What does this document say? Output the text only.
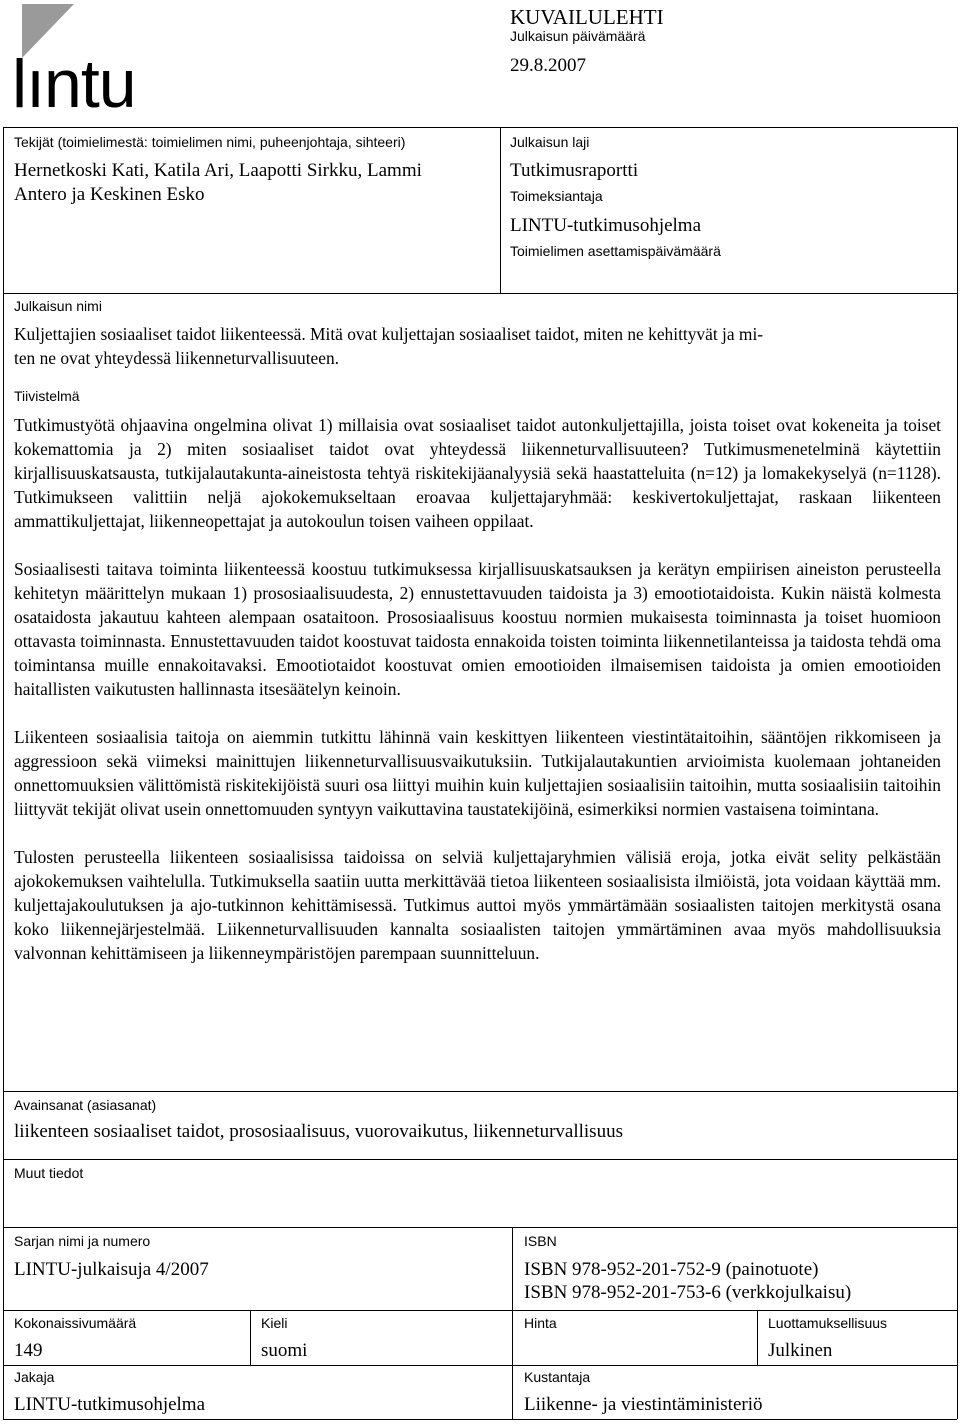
lıntu
KUVAILULEHTI
Julkaisun päivämäärä
29.8.2007
Tekijät (toimielimestä: toimielimen nimi, puheenjohtaja, sihteeri)
Hernetkoski Kati, Katila Ari, Laapotti Sirkku, Lammi
Antero ja Keskinen Esko
Julkaisun laji
Tutkimusraportti
Toimeksiantaja
LINTU-tutkimusohjelma
Toimielimen asettamispäivämäärä
Julkaisun nimi
Kuljettajien sosiaaliset taidot liikenteessä. Mitä ovat kuljettajan sosiaaliset taidot, miten ne kehittyvät ja mi-
ten ne ovat yhteydessä liikenneturvallisuuteen.
Tiivistelmä

Tutkimustyötä ohjaavina ongelmina olivat 1) millaisia ovat sosiaaliset taidot autonkuljettajilla, joista toiset ovat kokeneita ja toiset kokemattomia ja 2) miten sosiaaliset taidot ovat yhteydessä liikenneturvallisuuteen? Tutkimusmenetelminä käytettiin kirjallisuuskatsausta, tutkijalautakunta-aineistosta tehtyä riskitekijäanalyysiä sekä haastatteluita (n=12) ja lomakekyselyä (n=1128). Tutkimukseen valittiin neljä ajokokemukseltaan eroavaa kuljettajaryhmää: keskivertokuljettajat, raskaan liikenteen ammattikuljettajat, liikenneopettajat ja autokoulun toisen vaiheen oppilaat.

Sosiaalisesti taitava toiminta liikenteessä koostuu tutkimuksessa kirjallisuuskatsauksen ja kerätyn empiirisen aineiston perusteella kehitetyn määrittelyn mukaan 1) prososiaalisuudesta, 2) ennustettavuuden taidoista ja 3) emootiotaidoista. Kukin näistä kolmesta osataidosta jakautuu kahteen alempaan osataitoon. Prososiaalisuus koostuu normien mukaisesta toiminnasta ja toiset huomioon ottavasta toiminnasta. Ennustettavuuden taidot koostuvat taidosta ennakoida toisten toiminta liikennetilanteissa ja taidosta tehdä oma toimintansa muille ennakoitavaksi. Emootiotaidot koostuvat omien emootioiden ilmaisemisen taidoista ja omien emootioiden haitallisten vaikutusten hallinnasta itsesäätelyn keinoin.

Liikenteen sosiaalisia taitoja on aiemmin tutkittu lähinnä vain keskittyen liikenteen viestintätaitoihin, sääntöjen rikkomiseen ja aggressioon sekä viimeksi mainittujen liikenneturvallisuusvaikutuksiin. Tutkijalautakuntien arvioimista kuolemaan johtaneiden onnettomuuksien välittömistä riskitekijöistä suuri osa liittyi muihin kuin kuljettajien sosiaalisiin taitoihin, mutta sosiaalisiin taitoihin liittyvät tekijät olivat usein onnettomuuden syntyyn vaikuttavina taustatekijöinä, esimerkiksi normien vastaisena toimintana.

Tulosten perusteella liikenteen sosiaalisissa taidoissa on selviä kuljettajaryhmien välisiä eroja, jotka eivät selity pelkästään ajokokemuksen vaihtelulla. Tutkimuksella saatiin uutta merkittävää tietoa liikenteen sosiaalisista ilmiöistä, jota voidaan käyttää mm. kuljettajakoulutuksen ja ajo-tutkinnon kehittämisessä. Tutkimus auttoi myös ymmärtämään sosiaalisten taitojen merkitystä osana koko liikennejärjestelmää. Liikenneturvallisuuden kannalta sosiaalisten taitojen ymmärtäminen avaa myös mahdollisuuksia valvonnan kehittämiseen ja liikenneympäristöjen parempaan suunnitteluun.

Avainsanat (asiasanat)
liikenteen sosiaaliset taidot, prososiaalisuus, vuorovaikutus, liikenneturvallisuus
Muut tiedot
Sarjan nimi ja numero
LINTU-julkaisuja 4/2007
ISBN
ISBN 978-952-201-752-9 (painotuote)
ISBN 978-952-201-753-6 (verkkojulkaisu)
Kokonaissivumäärä
149
Kieli
suomi
Hinta	Luottamuksellisuus
Julkinen
Jakaja
LINTU-tutkimusohjelma
Kustantaja
Liikenne- ja viestintäministeriö
